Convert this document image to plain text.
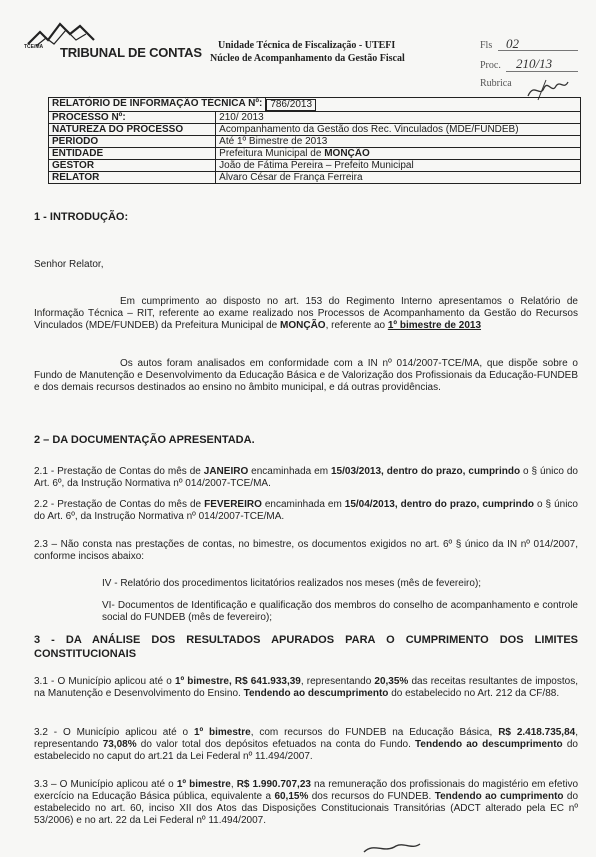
TCE/MA TRIBUNAL DE CONTAS Unidade Técnica de Fiscalização - UTEFI
Núcleo de Acompanhamento da Gestão Fiscal
Fls 02
Proc. 210/13
Rubrica
RELATÓRIO DE INFORMAÇÃO TÉCNICA Nº:		786/2013
PROCESSO Nº:	210/ 2013	
NATUREZA DO PROCESSO	Acompanhamento da Gestão dos Rec. Vinculados (MDE/FUNDEB)	
PERÍODO	Até 1º Bimestre de 2013	
ENTIDADE	Prefeitura Municipal de MONÇÃO	
GESTOR	João de Fátima Pereira – Prefeito Municipal	
RELATOR	Álvaro César de França Ferreira	
1 - INTRODUÇÃO:
Senhor Relator,
Em cumprimento ao disposto no art. 153 do Regimento Interno apresentamos o Relatório de Informação Técnica – RIT, referente ao exame realizado nos Processos de Acompanhamento da Gestão do Recursos Vinculados (MDE/FUNDEB) da Prefeitura Municipal de MONÇÃO, referente ao 1º bimestre de 2013
Os autos foram analisados em conformidade com a IN nº 014/2007-TCE/MA, que dispõe sobre o Fundo de Manutenção e Desenvolvimento da Educação Básica e de Valorização dos Profissionais da Educação-FUNDEB e dos demais recursos destinados ao ensino no âmbito municipal, e dá outras providências.
2 – DA DOCUMENTAÇÃO APRESENTADA.
2.1 - Prestação de Contas do mês de JANEIRO encaminhada em 15/03/2013, dentro do prazo, cumprindo o § único do Art. 6º, da Instrução Normativa nº 014/2007-TCE/MA.
2.2 - Prestação de Contas do mês de FEVEREIRO encaminhada em 15/04/2013, dentro do prazo, cumprindo o § único do Art. 6º, da Instrução Normativa nº 014/2007-TCE/MA.
2.3 – Não consta nas prestações de contas, no bimestre, os documentos exigidos no art. 6º § único da IN nº 014/2007, conforme incisos abaixo:
IV - Relatório dos procedimentos licitatórios realizados nos meses (mês de fevereiro);
VI- Documentos de Identificação e qualificação dos membros do conselho de acompanhamento e controle social do FUNDEB (mês de fevereiro);
3 - DA ANÁLISE DOS RESULTADOS APURADOS PARA O CUMPRIMENTO DOS LIMITES CONSTITUCIONAIS
3.1 - O Município aplicou até o 1º bimestre, R$ 641.933,39, representando 20,35% das receitas resultantes de impostos, na Manutenção e Desenvolvimento do Ensino. Tendendo ao descumprimento do estabelecido no Art. 212 da CF/88.
3.2 - O Município aplicou até o 1º bimestre, com recursos do FUNDEB na Educação Básica, R$ 2.418.735,84, representando 73,08% do valor total dos depósitos efetuados na conta do Fundo. Tendendo ao descumprimento do estabelecido no caput do art.21 da Lei Federal nº 11.494/2007.
3.3 – O Município aplicou até o 1º bimestre, R$ 1.990.707,23 na remuneração dos profissionais do magistério em efetivo exercício na Educação Básica pública, equivalente a 60,15% dos recursos do FUNDEB. Tendendo ao cumprimento do estabelecido no art. 60, inciso XII dos Atos das Disposições Constitucionais Transitórias (ADCT alterado pela EC nº 53/2006) e no art. 22 da Lei Federal nº 11.494/2007.
